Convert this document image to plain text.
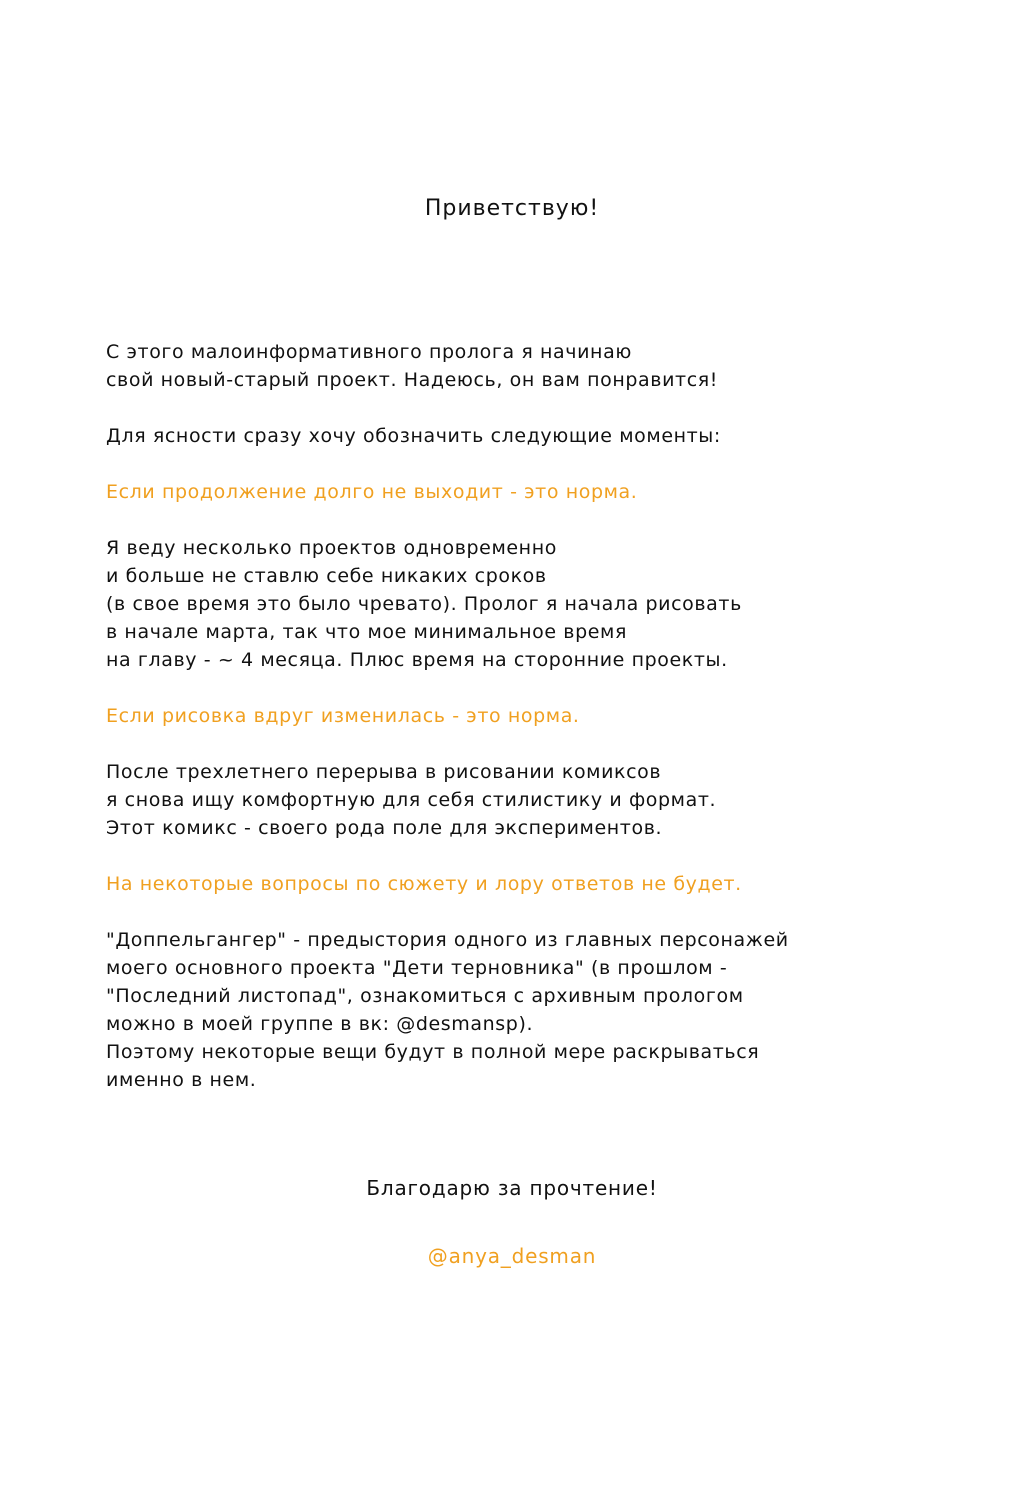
Приветствую!
С этого малоинформативного пролога я начинаю
свой новый-старый проект. Надеюсь, он вам понравится!
Для ясности сразу хочу обозначить следующие моменты:
Если продолжение долго не выходит - это норма.
Я веду несколько проектов одновременно
и больше не ставлю себе никаких сроков
(в свое время это было чревато). Пролог я начала рисовать
в начале марта, так что мое минимальное время
на главу - ~ 4 месяца. Плюс время на сторонние проекты.
Если рисовка вдруг изменилась - это норма.
После трехлетнего перерыва в рисовании комиксов
я снова ищу комфортную для себя стилистику и формат.
Этот комикс - своего рода поле для экспериментов.
На некоторые вопросы по сюжету и лору ответов не будет.
"Доппельгангер" - предыстория одного из главных персонажей
моего основного проекта "Дети терновника" (в прошлом -
"Последний листопад", ознакомиться с архивным прологом
можно в моей группе в вк: @desmansp).
Поэтому некоторые вещи будут в полной мере раскрываться
именно в нем.
Благодарю за прочтение!
@anya_desman
